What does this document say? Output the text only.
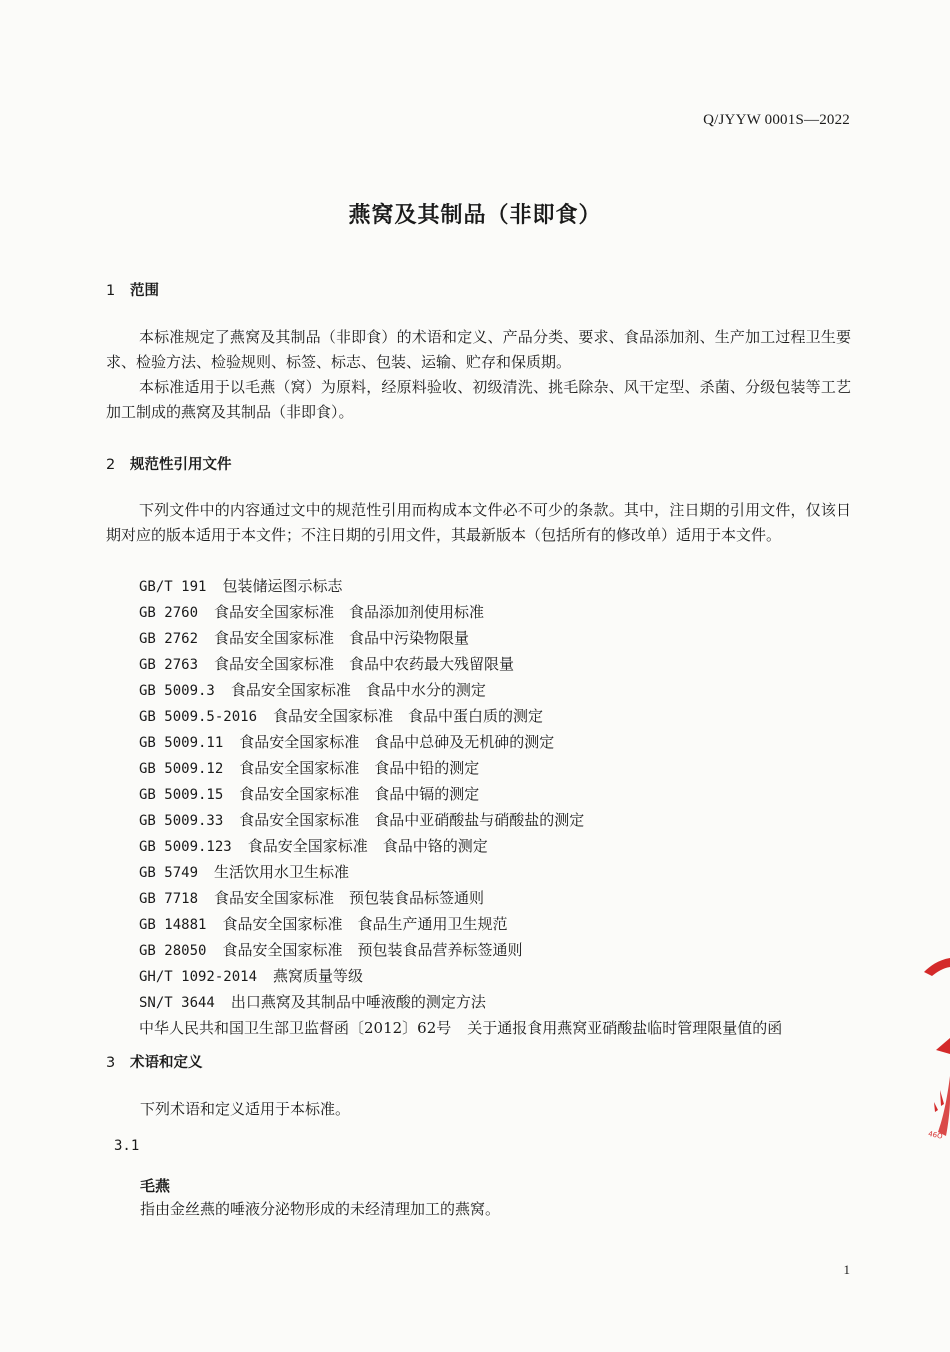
Q/JYYW 0001S—2022
燕窝及其制品（非即食）
1 范围

本标准规定了燕窝及其制品（非即食）的术语和定义、产品分类、要求、食品添加剂、生产加工过程卫生要求、检验方法、检验规则、标签、标志、包装、运输、贮存和保质期。

本标准适用于以毛燕（窝）为原料，经原料验收、初级清洗、挑毛除杂、风干定型、杀菌、分级包装等工艺加工制成的燕窝及其制品（非即食）。

2 规范性引用文件

下列文件中的内容通过文中的规范性引用而构成本文件必不可少的条款。其中，注日期的引用文件，仅该日期对应的版本适用于本文件；不注日期的引用文件，其最新版本（包括所有的修改单）适用于本文件。

GB/T 191 包装储运图示标志
GB 2760 食品安全国家标准　食品添加剂使用标准
GB 2762 食品安全国家标准　食品中污染物限量
GB 2763 食品安全国家标准　食品中农药最大残留限量
GB 5009.3 食品安全国家标准　食品中水分的测定
GB 5009.5-2016 食品安全国家标准　食品中蛋白质的测定
GB 5009.11 食品安全国家标准　食品中总砷及无机砷的测定
GB 5009.12 食品安全国家标准　食品中铅的测定
GB 5009.15 食品安全国家标准　食品中镉的测定
GB 5009.33 食品安全国家标准　食品中亚硝酸盐与硝酸盐的测定
GB 5009.123 食品安全国家标准　食品中铬的测定
GB 5749 生活饮用水卫生标准
GB 7718 食品安全国家标准　预包装食品标签通则
GB 14881 食品安全国家标准　食品生产通用卫生规范
GB 28050 食品安全国家标准　预包装食品营养标签通则
GH/T 1092-2014 燕窝质量等级
SN/T 3644 出口燕窝及其制品中唾液酸的测定方法
中华人民共和国卫生部卫监督函〔2012〕62号 关于通报食用燕窝亚硝酸盐临时管理限量值的函
3 术语和定义
下列术语和定义适用于本标准。
3.1
毛燕
指由金丝燕的唾液分泌物形成的未经清理加工的燕窝。
1
46O
